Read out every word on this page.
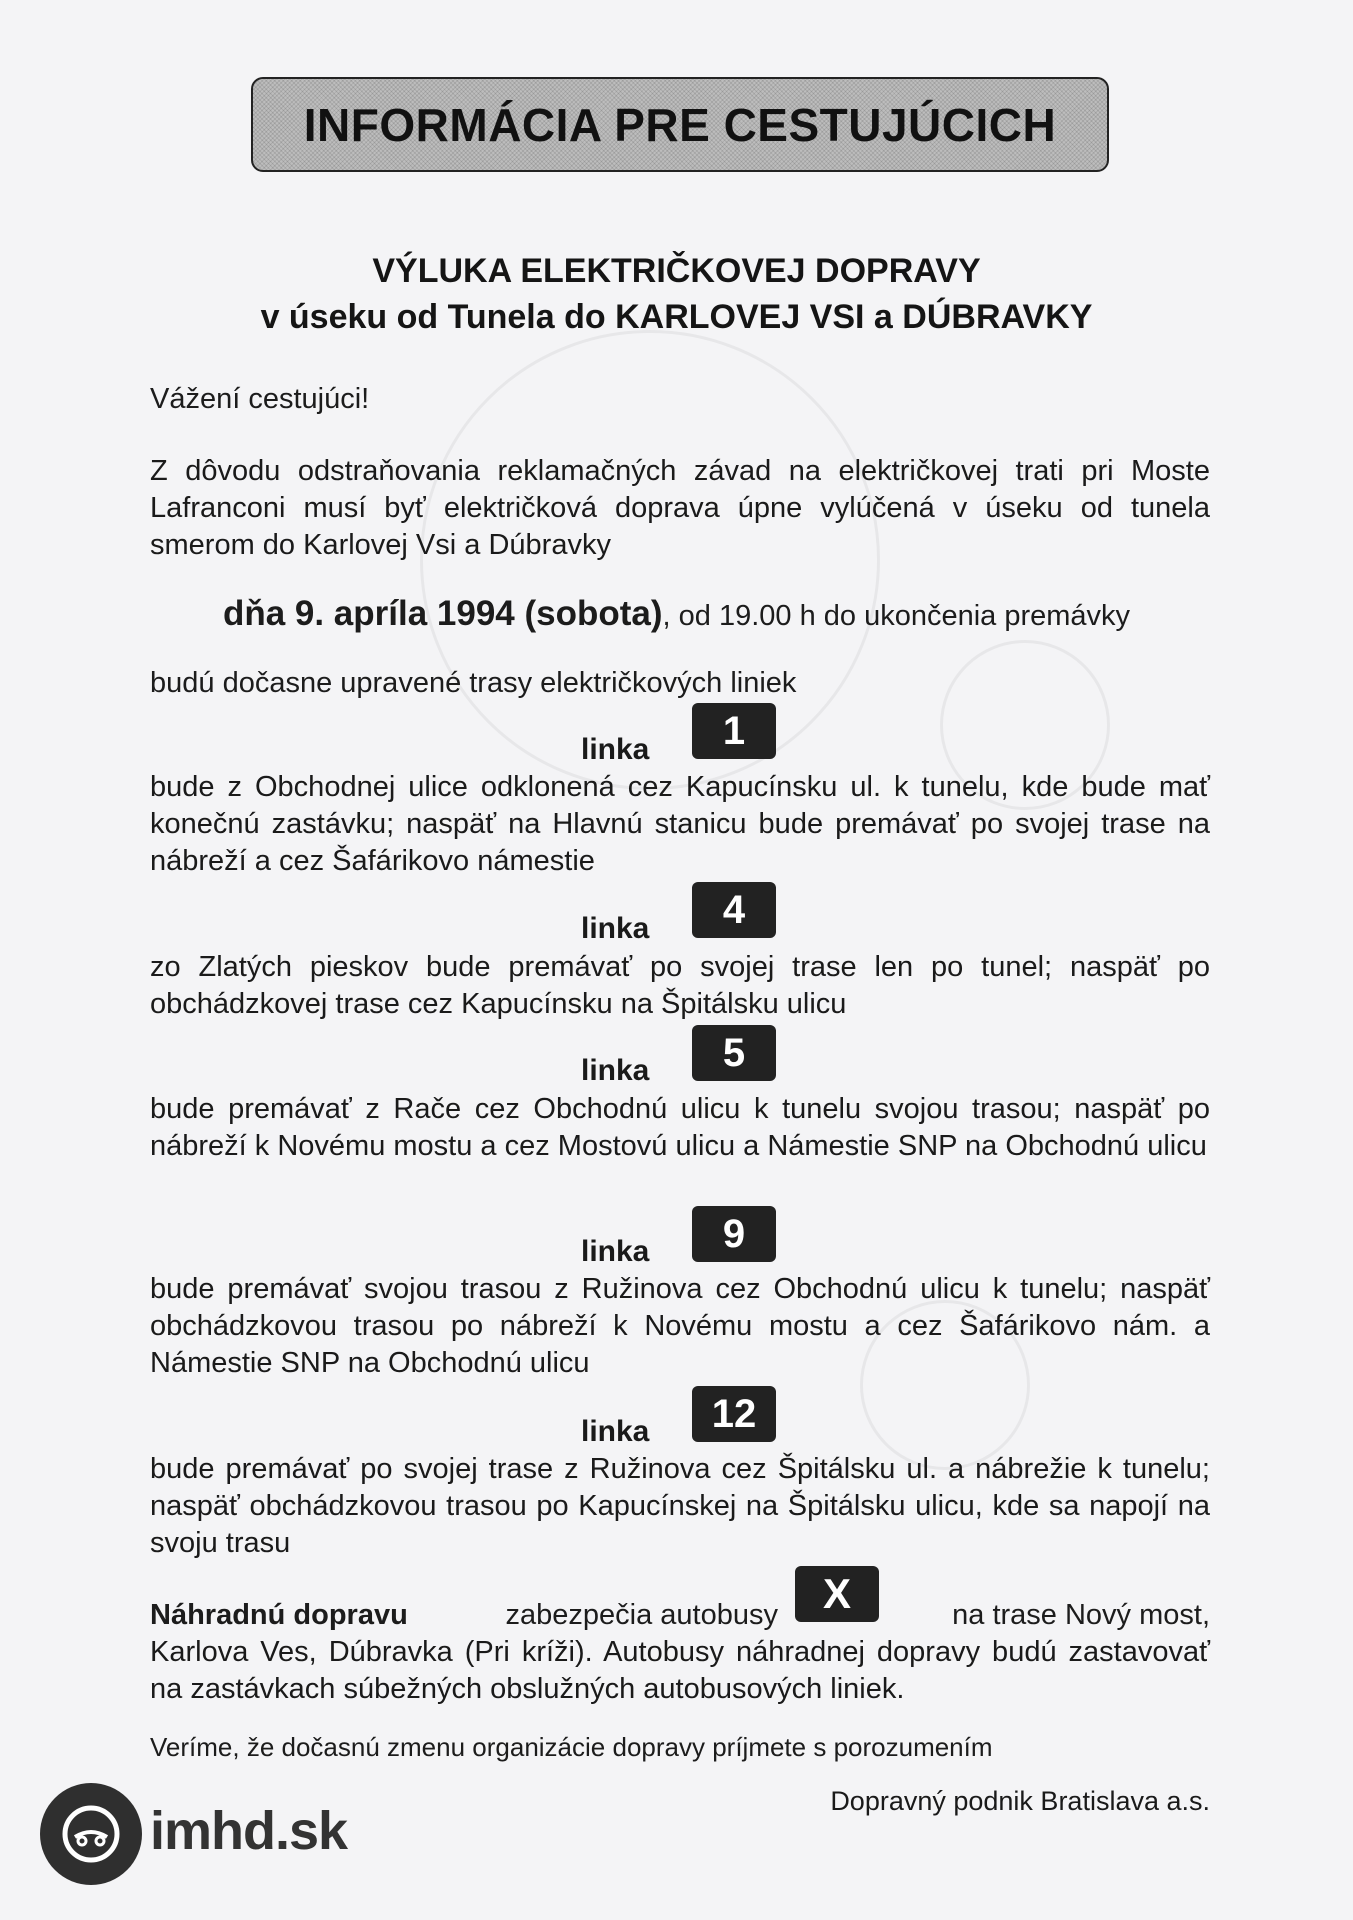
INFORMÁCIA PRE CESTUJÚCICH
VÝLUKA ELEKTRIČKOVEJ DOPRAVY
v úseku od Tunela do KARLOVEJ VSI a DÚBRAVKY
Vážení cestujúci!
Z dôvodu odstraňovania reklamačných závad na električkovej trati pri Moste Lafranconi musí byť električková doprava úpne vylúčená v úseku od tunela smerom do Karlovej Vsi a Dúbravky
dňa 9. apríla 1994 (sobota), od 19.00 h do ukončenia premávky
budú dočasne upravené trasy električkových liniek
linka	1
bude z Obchodnej ulice odklonená cez Kapucínsku ul. k tunelu, kde bude mať konečnú zastávku; naspäť na Hlavnú stanicu bude premávať po svojej trase na nábreží a cez Šafárikovo námestie
linka	4
zo Zlatých pieskov bude premávať po svojej trase len po tunel; naspäť po obchádzkovej trase cez Kapucínsku na Špitálsku ulicu
linka	5
bude premávať z Rače cez Obchodnú ulicu k tunelu svojou trasou; naspäť po nábreží k Novému mostu a cez Mostovú ulicu a Námestie SNP na Obchodnú ulicu
linka	9
bude premávať svojou trasou z Ružinova cez Obchodnú ulicu k tunelu; naspäť obchádzkovou trasou po nábreží k Novému mostu a cez Šafárikovo nám. a Námestie SNP na Obchodnú ulicu
linka	12
bude premávať po svojej trase z Ružinova cez Špitálsku ul. a nábrežie k tunelu; naspäť obchádzkovou trasou po Kapucínskej na Špitálsku ulicu, kde sa napojí na svoju trasu
Náhradnú dopravu	zabezpečia autobusy	X	na trase Nový most,
Karlova Ves, Dúbravka (Pri kríži). Autobusy náhradnej dopravy budú zastavovať na zastávkach súbežných obslužných autobusových liniek.
Veríme, že dočasnú zmenu organizácie dopravy príjmete s porozumením
Dopravný podnik Bratislava a.s.
imhd.sk
